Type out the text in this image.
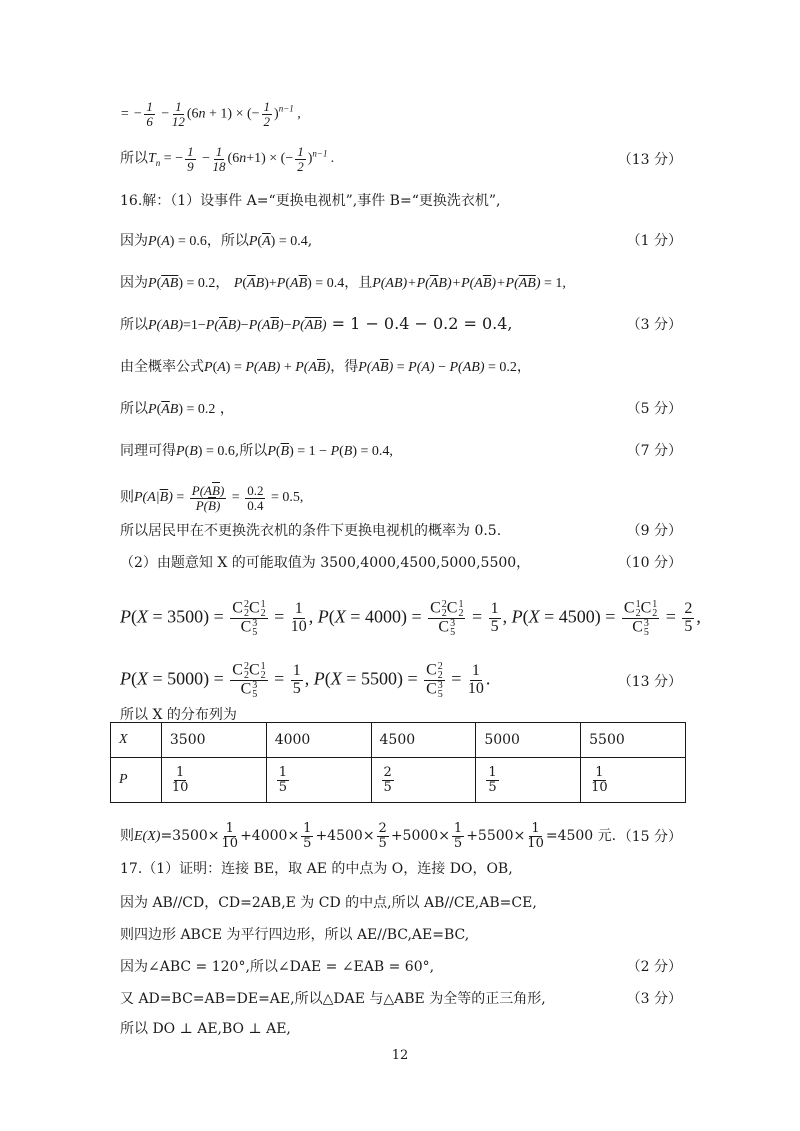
= − $\frac{1}{6} - \frac{1}{12} (6n + 1)$ × (− $\frac{1}{2} )^{n-1}$ ,
所以$T_n$ = − $\frac{1}{9} - \frac{1}{18} (6n+1)$ × (− $\frac{1}{2} )^{n-1}$ .	（13 分）
16.解：（1）设事件 A=“更换电视机”,事件 B=“更换洗衣机”,
因为P(A) = 0.6，所以$P(\overline{A}) = 0.4$,	（1 分）
因为$P(\overline{AB}) = 0.2$， $P(\overline{A}B)+P(A\overline{B}) = 0.4$，且$P(AB)+P(\overline{A}B)+P(A\overline{B})+P(\overline{AB}) = 1$,
所以$P(AB)=1-P(\overline{A}B)-P(A\overline{B})-P(\overline{AB}) = 1 - 0.4 - 0.2 = 0.4$,	（3 分）
由全概率公式$P(A) = P(AB) + P(A\overline{B})$，得$P(A\overline{B}) = P(A) - P(AB) = 0.2$，
所以$P(\overline{A}B) = 0.2$ ，	（5 分）
同理可得P(B) = 0.6,所以$P(\overline{B}) = 1 - P(B) = 0.4$,	（7 分）
则$P(A|\overline{B}) = \frac{P(A\overline{B})}{P(\overline{B})} = \frac{0.2}{0.4} = 0.5$,
所以居民甲在不更换洗衣机的条件下更换电视机的概率为 0.5.	（9 分）
（2）由题意知 X 的可能取值为 3500,4000,4500,5000,5500，	（10 分）
P(X = 3500) = C 2
2 C 1
2
C 3
$5 = \frac{1}{10}$ , P(X = 4000) = C 2
2 C 1
2
C 3
$5 = \frac{1}{5}$ , P(X = 4500) = C 1
2 C 1
2
C 3
$5 = \frac{2}{5}$ ,
P(X = 5000) = C 2
2 C 1
2
C 3
$5 = \frac{1}{5}$ , P(X = 5500) = C 2
2
C 3
$5 = \frac{1}{10}$ .	（13 分）
所以 X 的分布列为
X	3500	4000	4500	5000	5500
P	$\frac{1}{10}$	$\frac{1}{5}$	$\frac{2}{5}$	$\frac{1}{5}$	$\frac{1}{10}$
则$E(X)=3500\times \frac{1}{10} +4000\times \frac{1}{5} +4500\times \frac{2}{5} +5000\times \frac{1}{5} +5500\times \frac{1}{10} =4500$ 元. （15 分）
17.（1）证明：连接 BE，取 AE 的中点为 O，连接 DO，OB,
因为 AB//CD，CD=2AB,E 为 CD 的中点,所以 AB//CE,AB=CE,
则四边形 ABCE 为平行四边形，所以 AE//BC,AE=BC,
因为∠ABC = 120°,所以∠DAE = ∠EAB = 60°,	（2 分）
又 AD=BC=AB=DE=AE,所以△DAE 与△ABE 为全等的正三角形,	（3 分）
所以 DO ⊥ AE,BO ⊥ AE,
12
